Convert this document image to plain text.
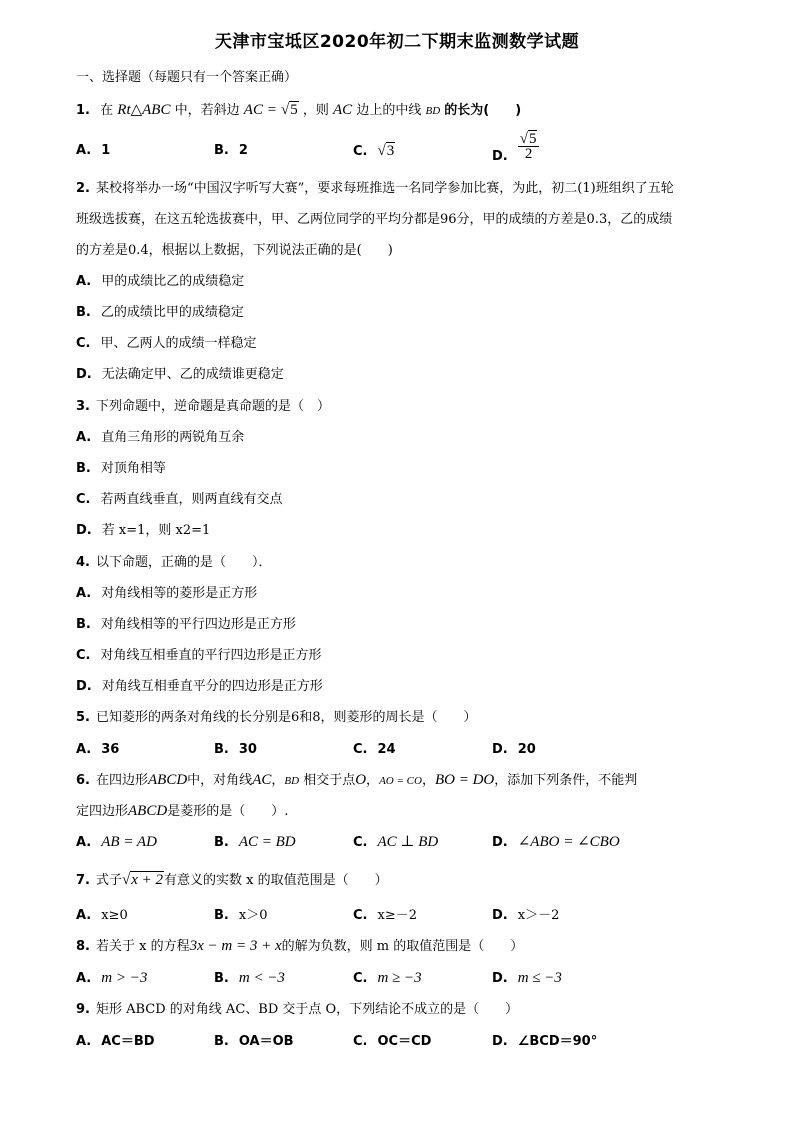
天津市宝坻区2020年初二下期末监测数学试题
一、选择题（每题只有一个答案正确）
1. 在 Rt△ABC 中，若斜边 AC = √5 ，则 AC 边上的中线 BD 的长为(　　)
A. 1	B. 2	C. √3	D. $\frac{√5}{2}$
2. 某校将举办一场“中国汉字听写大赛”，要求每班推选一名同学参加比赛，为此，初二(1)班组织了五轮
班级选拔赛，在这五轮选拔赛中，甲、乙两位同学的平均分都是96分，甲的成绩的方差是0.3，乙的成绩
的方差是0.4，根据以上数据，下列说法正确的是(　　)
A. 甲的成绩比乙的成绩稳定
B. 乙的成绩比甲的成绩稳定
C. 甲、乙两人的成绩一样稳定
D. 无法确定甲、乙的成绩谁更稳定
3. 下列命题中，逆命题是真命题的是（　）
A. 直角三角形的两锐角互余
B. 对顶角相等
C. 若两直线垂直，则两直线有交点
D. 若 x=1，则 x2=1
4. 以下命题，正确的是（　　）．
A. 对角线相等的菱形是正方形
B. 对角线相等的平行四边形是正方形
C. 对角线互相垂直的平行四边形是正方形
D. 对角线互相垂直平分的四边形是正方形
5. 已知菱形的两条对角线的长分别是6和8，则菱形的周长是（　　）
A. 36	B. 30	C. 24	D. 20
6. 在四边形ABCD中，对角线AC，BD 相交于点O，AO = CO，BO = DO，添加下列条件，不能判
定四边形ABCD是菱形的是（　　）.
A. AB = AD	B. AC = BD	C. AC ⊥ BD	D. ∠ABO = ∠CBO
7. 式子√x + 2有意义的实数 x 的取值范围是（　　）
A. x≥0	B. x＞0	C. x≥－2	D. x＞－2
8. 若关于 x 的方程3x − m = 3 + x的解为负数，则 m 的取值范围是（　　）
A. m > −3	B. m < −3	C. m ≥ −3	D. m ≤ −3
9. 矩形 ABCD 的对角线 AC、BD 交于点 O，下列结论不成立的是（　　）
A. AC＝BD	B. OA＝OB	C. OC＝CD	D. ∠BCD＝90°
